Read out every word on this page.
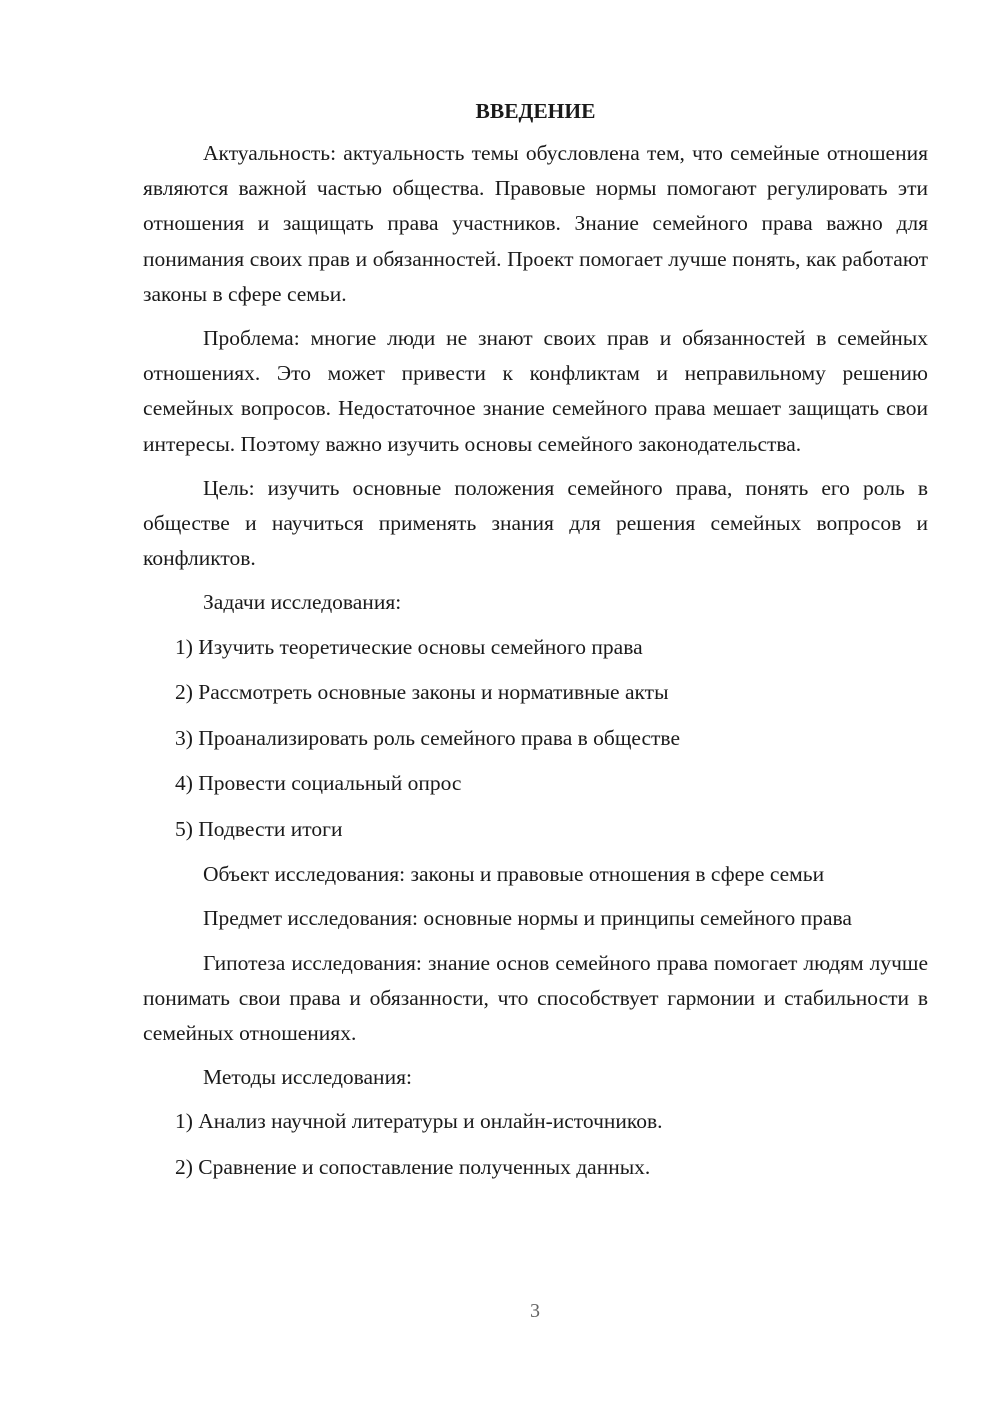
ВВЕДЕНИЕ
Актуальность: актуальность темы обусловлена тем, что семейные отношения являются важной частью общества. Правовые нормы помогают регулировать эти отношения и защищать права участников. Знание семейного права важно для понимания своих прав и обязанностей. Проект помогает лучше понять, как работают законы в сфере семьи.
Проблема: многие люди не знают своих прав и обязанностей в семейных отношениях. Это может привести к конфликтам и неправильному решению семейных вопросов. Недостаточное знание семейного права мешает защищать свои интересы. Поэтому важно изучить основы семейного законодательства.
Цель: изучить основные положения семейного права, понять его роль в обществе и научиться применять знания для решения семейных вопросов и конфликтов.
Задачи исследования:
1) Изучить теоретические основы семейного права
2) Рассмотреть основные законы и нормативные акты
3) Проанализировать роль семейного права в обществе
4) Провести социальный опрос
5) Подвести итоги
Объект исследования: законы и правовые отношения в сфере семьи
Предмет исследования: основные нормы и принципы семейного права
Гипотеза исследования: знание основ семейного права помогает людям лучше понимать свои права и обязанности, что способствует гармонии и стабильности в семейных отношениях.
Методы исследования:
1) Анализ научной литературы и онлайн-источников.
2) Сравнение и сопоставление полученных данных.
3
